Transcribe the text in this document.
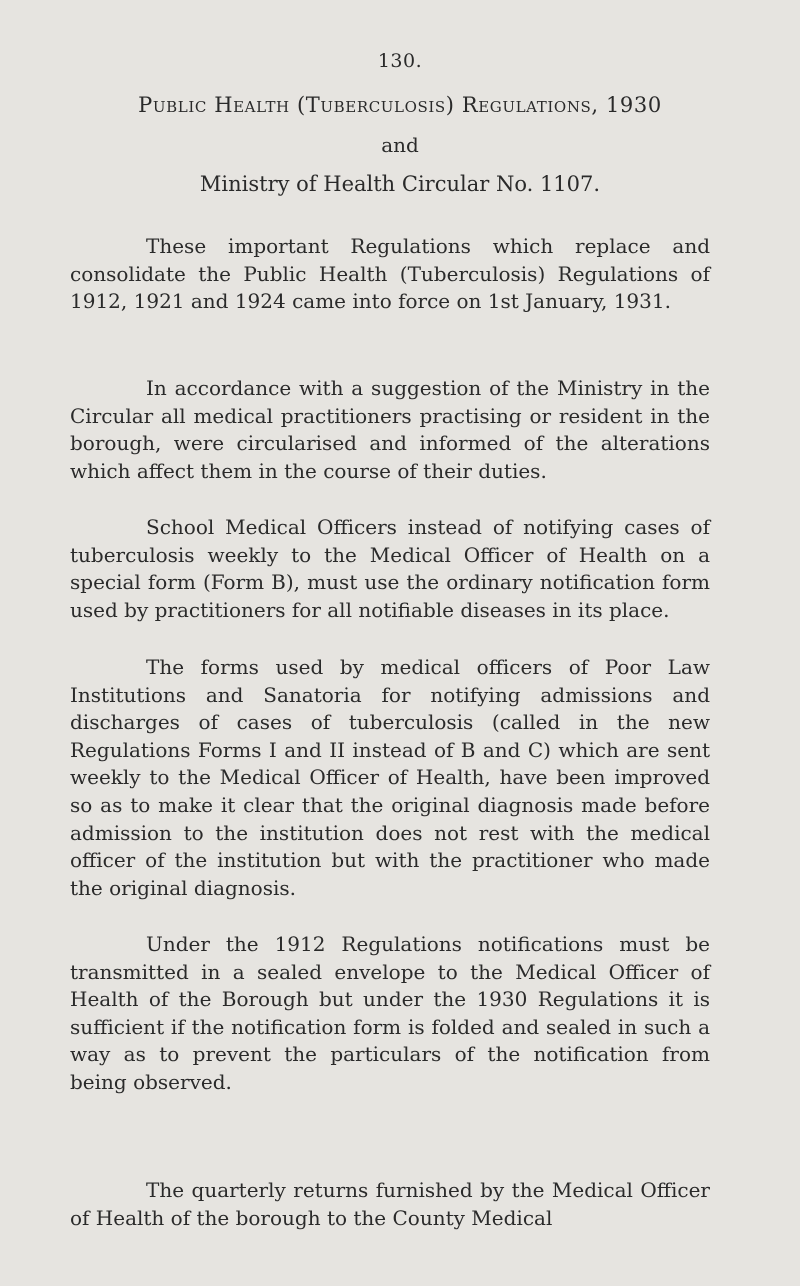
130.
Public Health (Tuberculosis) Regulations, 1930
and
Ministry of Health Circular No. 1107.

These important Regulations which replace and consolidate the Public Health (Tuberculosis) Regulations of 1912, 1921 and 1924 came into force on 1st January, 1931.

In accordance with a suggestion of the Ministry in the Circular all medical practitioners practising or resident in the borough, were circularised and informed of the alterations which affect them in the course of their duties.

School Medical Officers instead of notifying cases of tuberculosis weekly to the Medical Officer of Health on a special form (Form B), must use the ordinary notification form used by practitioners for all notifiable diseases in its place.

The forms used by medical officers of Poor Law Institutions and Sanatoria for notifying admissions and discharges of cases of tuberculosis (called in the new Regulations Forms I and II instead of B and C) which are sent weekly to the Medical Officer of Health, have been improved so as to make it clear that the original diagnosis made before admission to the institution does not rest with the medical officer of the institution but with the practitioner who made the original diagnosis.

Under the 1912 Regulations notifications must be transmitted in a sealed envelope to the Medical Officer of Health of the Borough but under the 1930 Regulations it is sufficient if the notification form is folded and sealed in such a way as to prevent the particulars of the notification from being observed.

The quarterly returns furnished by the Medical Officer of Health of the borough to the County Medical
